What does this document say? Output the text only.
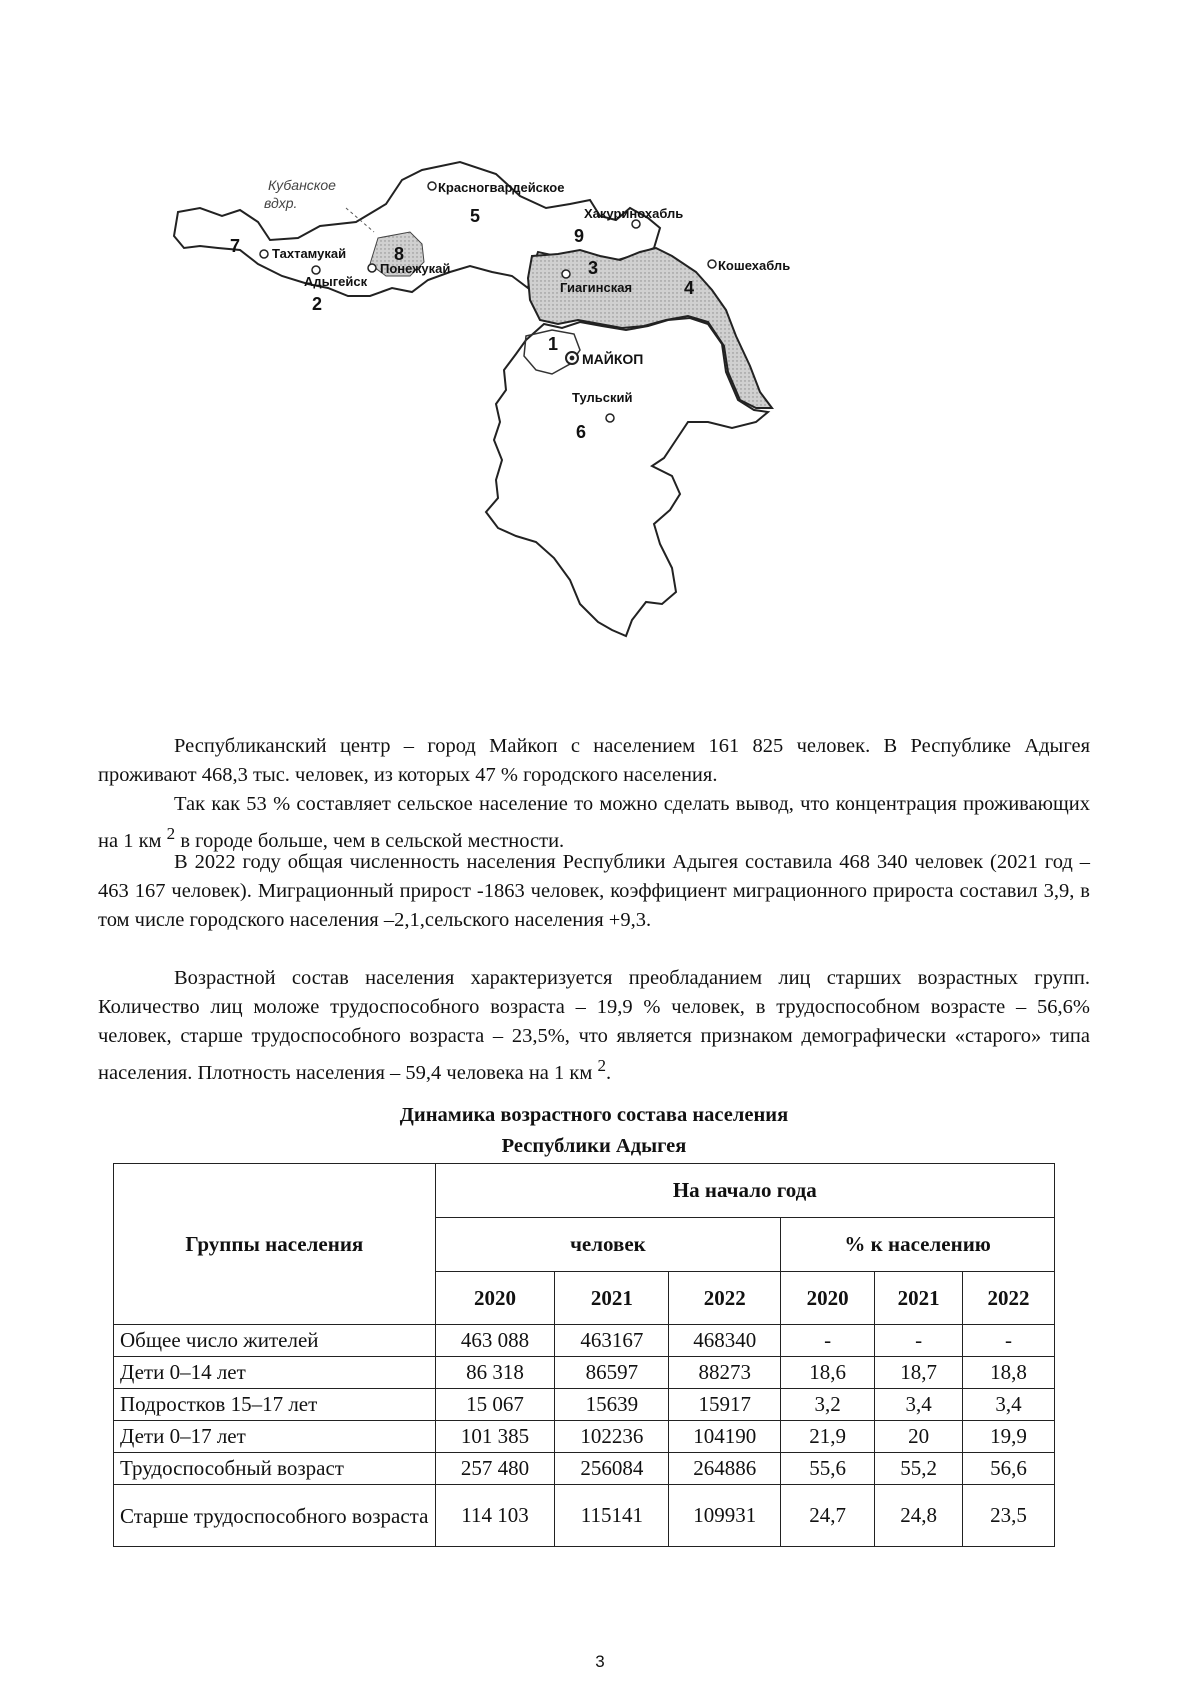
Кубанское
вдхр.
Красногвардейское
Хакуринохабль
Тахтамукай
Адыгейск
Понежукай
Гиагинская
Кошехабль
МАЙКОП
Тульский
1
2
3
4
5
6
7	8
9

Республиканский центр – город Майкоп с населением 161 825 человек. В Республике Адыгея проживают 468,3 тыс. человек, из которых 47 % городского населения.

Так как 53 % составляет сельское население то можно сделать вывод, что концентрация проживающих на 1 км $^2$ в городе больше, чем в сельской местности.

В 2022 году общая численность населения Республики Адыгея составила 468 340 человек (2021 год – 463 167 человек). Миграционный прирост -1863 человек, коэффициент миграционного прироста составил 3,9, в том числе городского населения –2,1,сельского населения +9,3.

Возрастной состав населения характеризуется преобладанием лиц старших возрастных групп. Количество лиц моложе трудоспособного возраста – 19,9 % человек, в трудоспособном возрасте – 56,6% человек, старше трудоспособного возраста – 23,5%, что является признаком демографически «старого» типа населения. Плотность населения – 59,4 человека на 1 км $^2$.

Динамика возрастного состава населения

Республики Адыгея

Группы населения	На начало года					
	человек			% к населению		
	2020	2021	2022	2020	2021	2022
Общее число жителей	463 088	463167	468340	-	-	-
Дети 0–14 лет	86 318	86597	88273	18,6	18,7	18,8
Подростков 15–17 лет	15 067	15639	15917	3,2	3,4	3,4
Дети 0–17 лет	101 385	102236	104190	21,9	20	19,9
Трудоспособный возраст	257 480	256084	264886	55,6	55,2	56,6
Старше трудоспособного возраста	114 103	115141	109931	24,7	24,8	23,5
3
